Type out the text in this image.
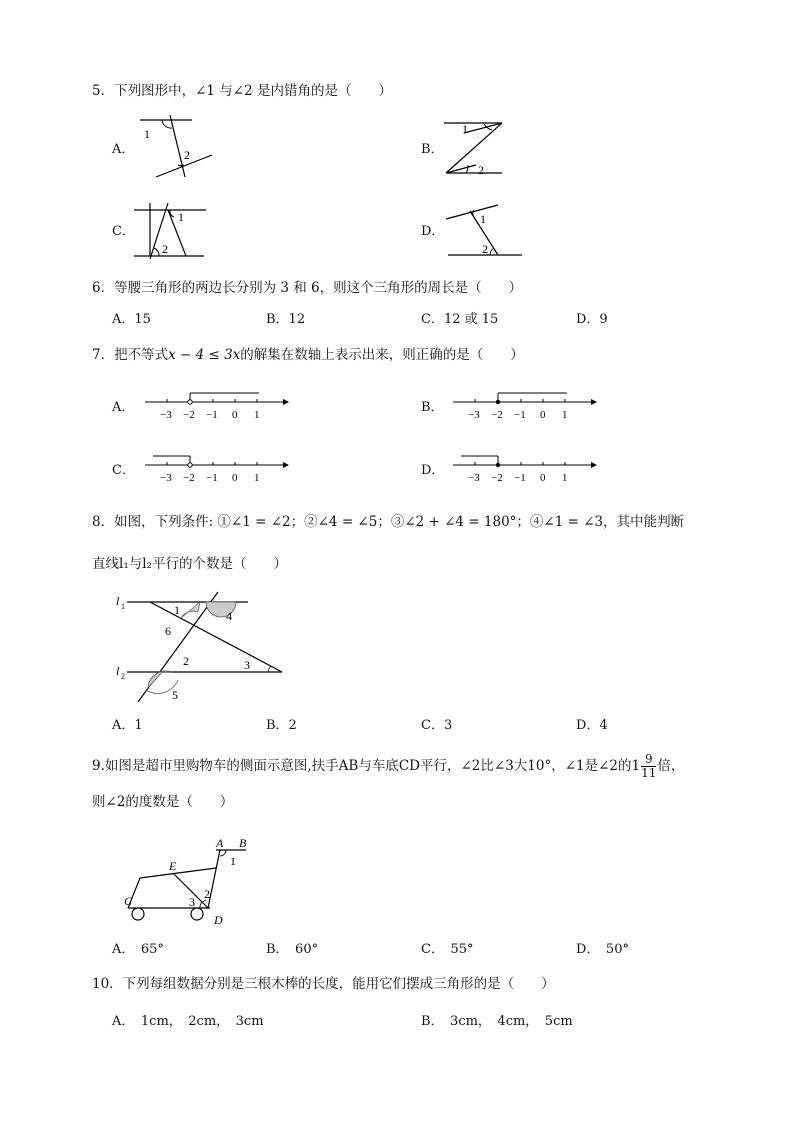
5．下列图形中，∠1 与∠2 是内错角的是（　　）
A．
1
2	B．
1
2
C．
1
2
D．
1
2
6．等腰三角形的两边长分别为 3 和 6，则这个三角形的周长是（　　）
A．15	B．12	C．12 或 15	D．9
7．把不等式x − 4 ≤ 3x的解集在数轴上表示出来，则正确的是（　　）
A． −3 −2 −1 0 1	B． −3 −2 −1 0 1
C． −3 −2 −1 0 1	D． −3 −2 −1 0 1
8．如图，下列条件: ①∠1 = ∠2；②∠4 = ∠5；③∠2 + ∠4 = 180°；④∠1 = ∠3，其中能判断
直线l₁与l₂平行的个数是（　　）
l 1
l 2
1
2	3
4
5
6
A．1	B．2	C．3	D．4
9.如图是超市里购物车的侧面示意图,扶手AB与车底CD平行，∠2比∠3大10°，∠1是∠2的$1 \frac{9}{11}$ 倍，
则∠2的度数是（　　）
A B
C
D
E	1
2
3
A．　65°	B．　60°	C．　55°	D．　50°
10．下列每组数据分别是三根木棒的长度，能用它们摆成三角形的是（　　）
A．　1cm，　2cm，　3cm	B．　3cm，　4cm，　5cm
